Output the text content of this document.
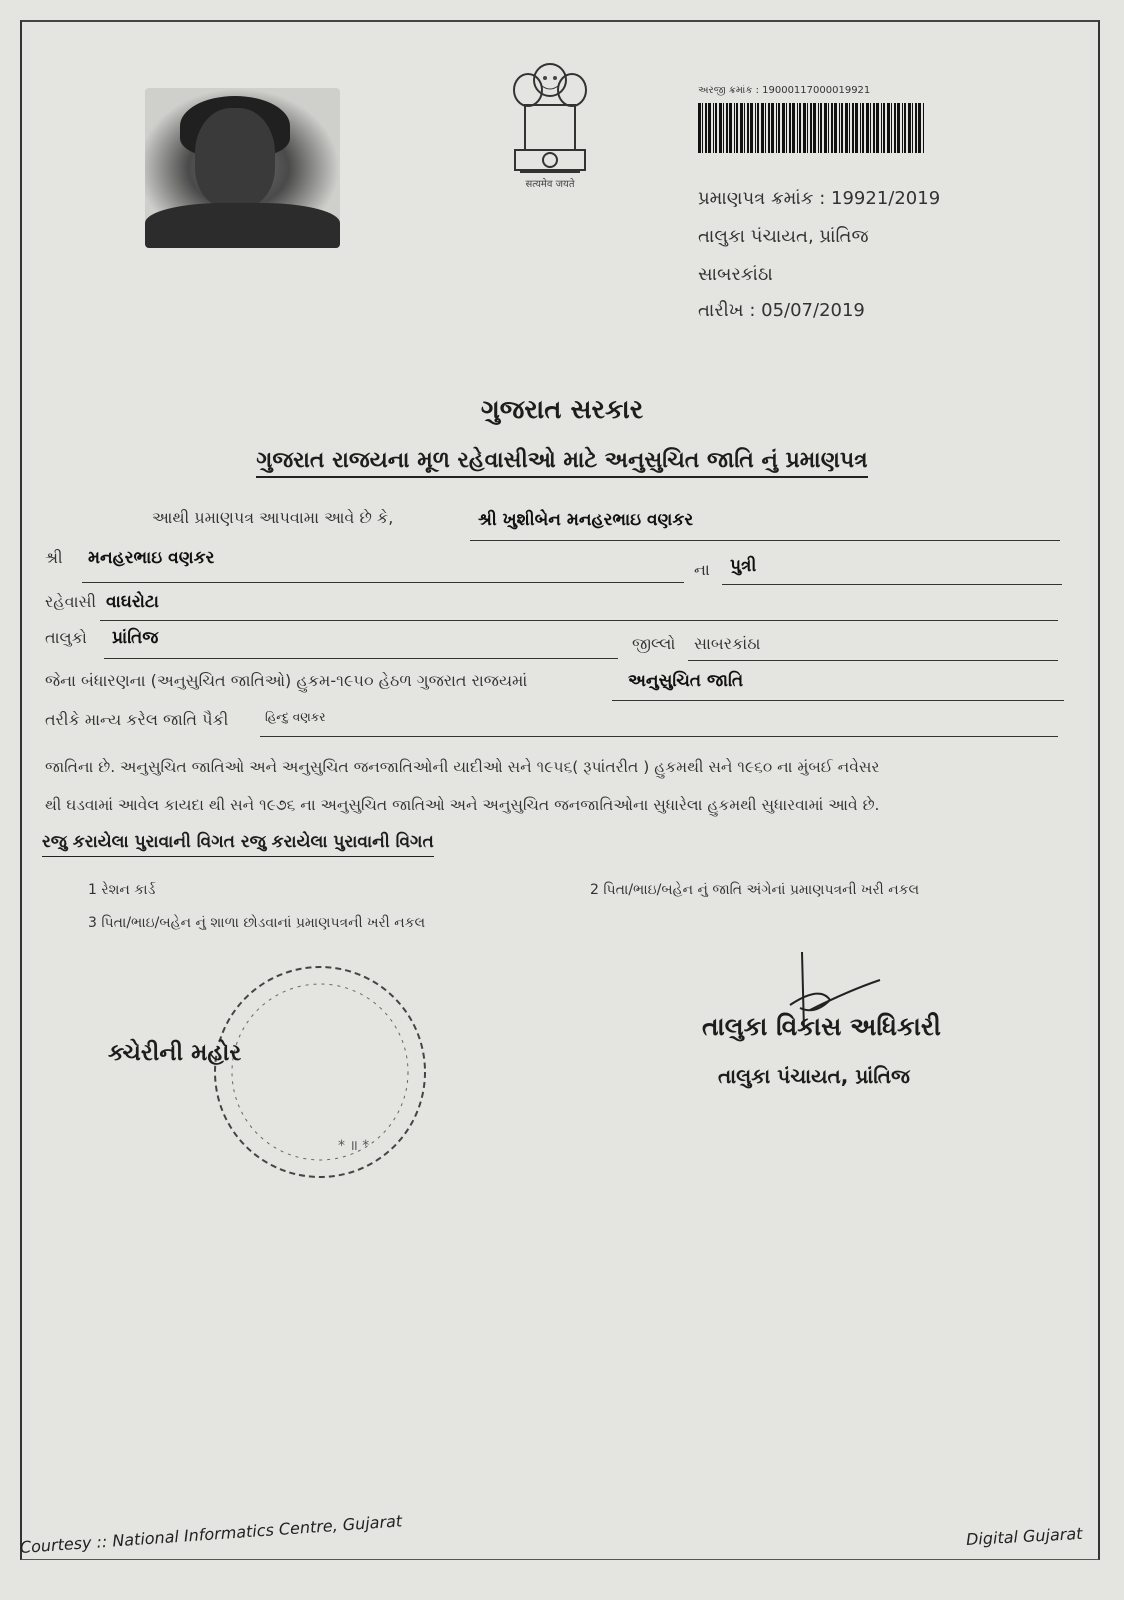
सत्यमेव जयते
અરજી ક્રમાંક : 19000117000019921
પ્રમાણપત્ર ક્રમાંક : 19921/2019
તાલુકા પંચાયત, પ્રાંતિજ
સાબરકાંઠા
તારીખ : 05/07/2019
ગુજરાત સરકાર
ગુજરાત રાજયના મૂળ રહેવાસીઓ માટે અનુસુચિત જાતિ નું પ્રમાણપત્ર
આથી પ્રમાણપત્ર આપવામા આવે છે કે,	શ્રી ખુશીબેન મનહરભાઇ વણકર
શ્રી મનહરભાઇ વણકર
ના પુત્રી
રહેવાસી વાઘરોટા
તાલુકો પ્રાંતિજ	જીલ્લો સાબરકાંઠા
જેના બંધારણના (અનુસુચિત જાતિઓ) હુકમ-૧૯૫૦ હેઠળ ગુજરાત રાજયમાં	અનુસુચિત જાતિ
તરીકે માન્ય કરેલ જાતિ પૈકી	હિન્દુ વણકર
જાતિના છે. અનુસુચિત જાતિઓ અને અનુસુચિત જનજાતિઓની યાદીઓ સને ૧૯૫૬( રૂપાંતરીત ) હુકમથી સને ૧૯૬૦ ના મુંબઈ નવેસર
થી ઘડવામાં આવેલ કાયદા થી સને ૧૯૭૬ ના અનુસુચિત જાતિઓ અને અનુસુચિત જનજાતિઓના સુધારેલા હુકમથી સુધારવામાં આવે છે.
રજુ કરાયેલા પુરાવાની વિગત રજુ કરાયેલા પુરાવાની વિગત
1 રેશન કાર્ડ	2 પિતા/ભાઇ/બહેન નું જાતિ અંગેનાં પ્રમાણપત્રની ખરી નકલ
3 પિતા/ભાઇ/બહેન નું શાળા છોડવાનાં પ્રમાણપત્રની ખરી નકલ
* ॥ *
ક્ચેરીની મહોર
તાલુકા વિકાસ અધિકારી
તાલુકા પંચાયત, પ્રાંતિજ
Courtesy :: National Informatics Centre, Gujarat	Digital Gujarat
